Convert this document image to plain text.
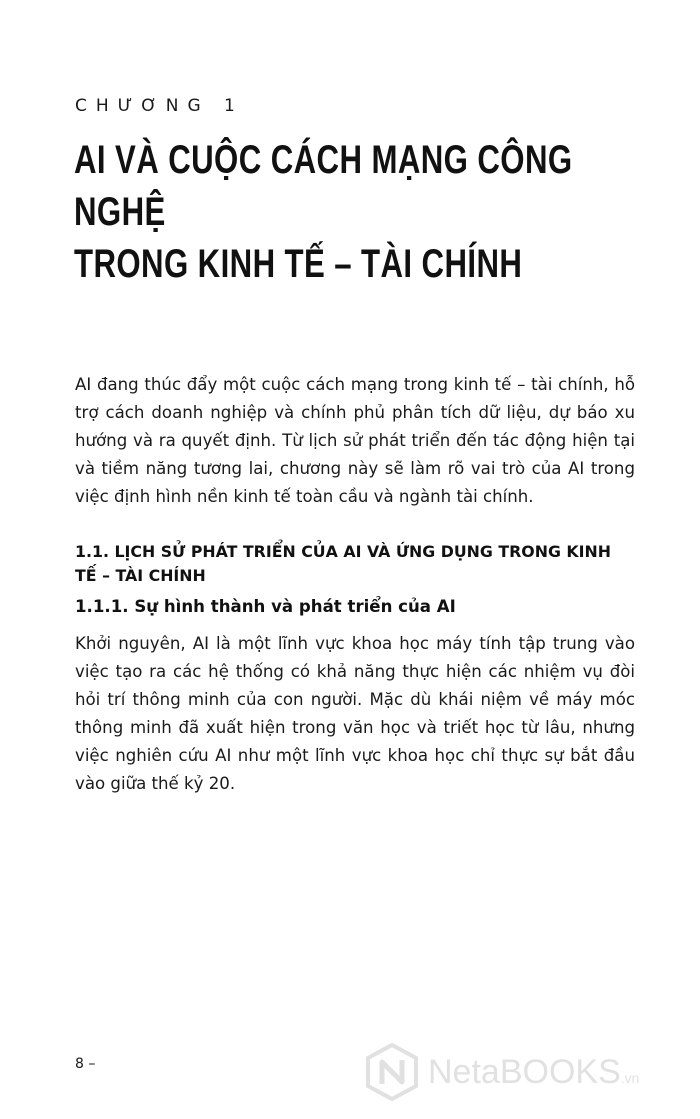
CHƯƠNG 1

AI VÀ CUỘC CÁCH MẠNG CÔNG NGHỆ
TRONG KINH TẾ – TÀI CHÍNH

AI đang thúc đẩy một cuộc cách mạng trong kinh tế – tài chính, hỗ trợ cách doanh nghiệp và chính phủ phân tích dữ liệu, dự báo xu hướng và ra quyết định. Từ lịch sử phát triển đến tác động hiện tại và tiềm năng tương lai, chương này sẽ làm rõ vai trò của AI trong việc định hình nền kinh tế toàn cầu và ngành tài chính.

1.1. LỊCH SỬ PHÁT TRIỂN CỦA AI VÀ ỨNG DỤNG TRONG KINH TẾ – TÀI CHÍNH
1.1.1. Sự hình thành và phát triển của AI

Khởi nguyên, AI là một lĩnh vực khoa học máy tính tập trung vào việc tạo ra các hệ thống có khả năng thực hiện các nhiệm vụ đòi hỏi trí thông minh của con người. Mặc dù khái niệm về máy móc thông minh đã xuất hiện trong văn học và triết học từ lâu, nhưng việc nghiên cứu AI như một lĩnh vực khoa học chỉ thực sự bắt đầu vào giữa thế kỷ 20.

8 –	NetaBOOKS.vn
